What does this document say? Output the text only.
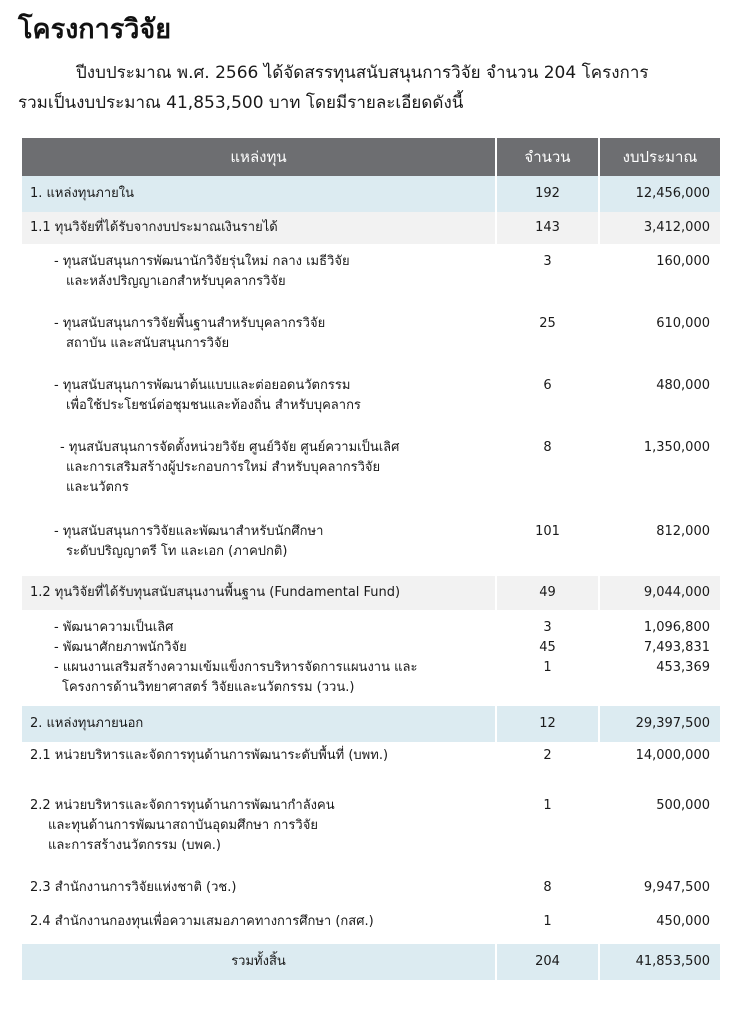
โครงการวิจัย
ปีงบประมาณ พ.ศ. 2566 ได้จัดสรรทุนสนับสนุนการวิจัย จำนวน 204 โครงการ
รวมเป็นงบประมาณ 41,853,500 บาท โดยมีรายละเอียดดังนี้
แหล่งทุน	จำนวน	งบประมาณ
1. แหล่งทุนภายใน	192	12,456,000
1.1 ทุนวิจัยที่ได้รับจากงบประมาณเงินรายได้	143	3,412,000
- ทุนสนับสนุนการพัฒนานักวิจัยรุ่นใหม่ กลาง เมธีวิจัย
และหลังปริญญาเอกสำหรับบุคลากรวิจัย	3	160,000
- ทุนสนับสนุนการวิจัยพื้นฐานสำหรับบุคลากรวิจัย
สถาบัน และสนับสนุนการวิจัย	25	610,000
- ทุนสนับสนุนการพัฒนาต้นแบบและต่อยอดนวัตกรรม
เพื่อใช้ประโยชน์ต่อชุมชนและท้องถิ่น สำหรับบุคลากร	6	480,000
- ทุนสนับสนุนการจัดตั้งหน่วยวิจัย ศูนย์วิจัย ศูนย์ความเป็นเลิศ
และการเสริมสร้างผู้ประกอบการใหม่ สำหรับบุคลากรวิจัย
และนวัตกร	8	1,350,000
- ทุนสนับสนุนการวิจัยและพัฒนาสำหรับนักศึกษา
ระดับปริญญาตรี โท และเอก (ภาคปกติ)	101	812,000
1.2 ทุนวิจัยที่ได้รับทุนสนับสนุนงานพื้นฐาน (Fundamental Fund)	49	9,044,000
- พัฒนาความเป็นเลิศ	3	1,096,800
- พัฒนาศักยภาพนักวิจัย	45	7,493,831
- แผนงานเสริมสร้างความเข้มแข็งการบริหารจัดการแผนงาน และ
โครงการด้านวิทยาศาสตร์ วิจัยและนวัตกรรม (ววน.)	1	453,369
2. แหล่งทุนภายนอก	12	29,397,500
2.1 หน่วยบริหารและจัดการทุนด้านการพัฒนาระดับพื้นที่ (บพท.)	2	14,000,000
2.2 หน่วยบริหารและจัดการทุนด้านการพัฒนากำลังคน
และทุนด้านการพัฒนาสถาบันอุดมศึกษา การวิจัย
และการสร้างนวัตกรรม (บพค.)	1	500,000
2.3 สำนักงานการวิจัยแห่งชาติ (วช.)	8	9,947,500
2.4 สำนักงานกองทุนเพื่อความเสมอภาคทางการศึกษา (กสศ.)	1	450,000
รวมทั้งสิ้น	204	41,853,500
